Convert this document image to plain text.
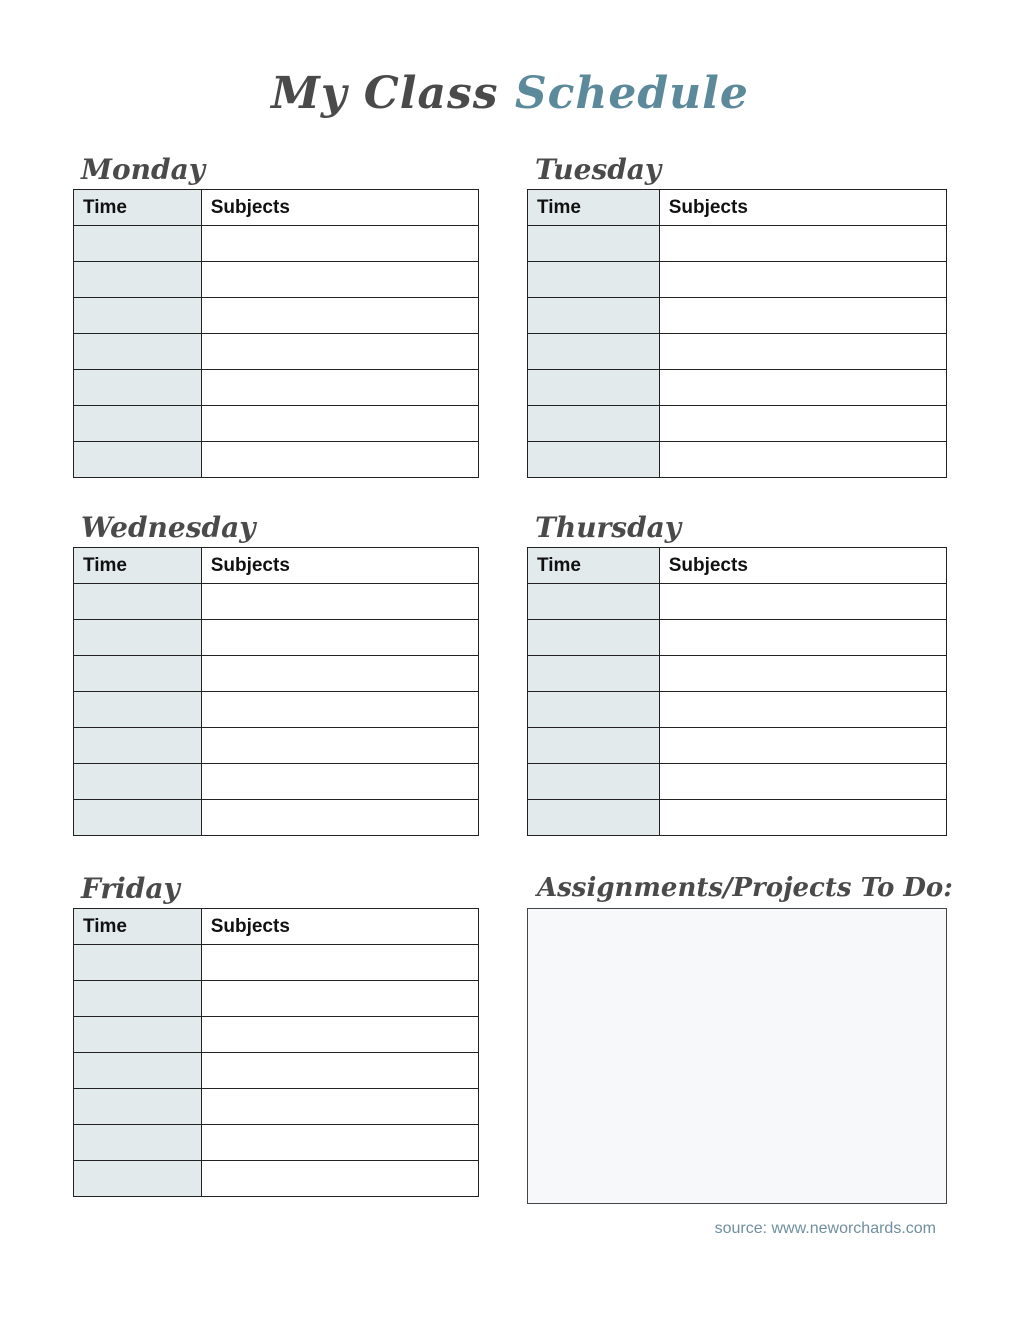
My Class Schedule
Monday
Time	Subjects

Tuesday
Time	Subjects

Wednesday
Time	Subjects

Thursday
Time	Subjects

Friday
Time	Subjects

Assignments/Projects To Do:
source: www.neworchards.com
